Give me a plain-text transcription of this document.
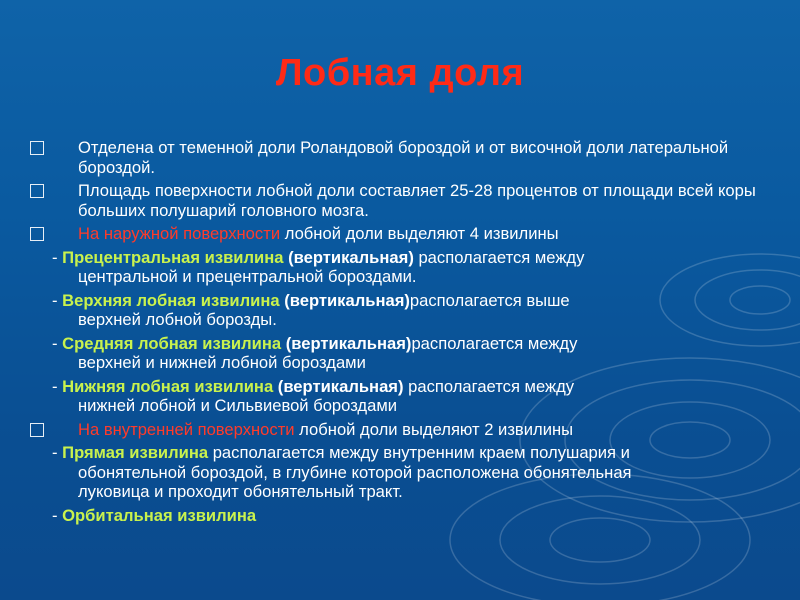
Лобная доля
Отделена от теменной доли Роландовой бороздой и от височной доли латеральной бороздой.
Площадь поверхности лобной доли составляет 25-28 процентов от площади всей коры больших полушарий головного мозга.
На наружной поверхности лобной доли выделяют 4 извилины
- Прецентральная извилина (вертикальная) располагается между
центральной и прецентральной бороздами.
- Верхняя лобная извилина (вертикальная)располагается выше
верхней лобной борозды.
- Средняя лобная извилина (вертикальная)располагается между
верхней и нижней лобной бороздами
- Нижняя лобная извилина (вертикальная) располагается между
нижней лобной и Сильвиевой бороздами
На внутренней поверхности лобной доли выделяют 2 извилины
- Прямая извилина располагается между внутренним краем полушария и
обонятельной бороздой, в глубине которой расположена обонятельная
луковица и проходит обонятельный тракт.
- Орбитальная извилина
